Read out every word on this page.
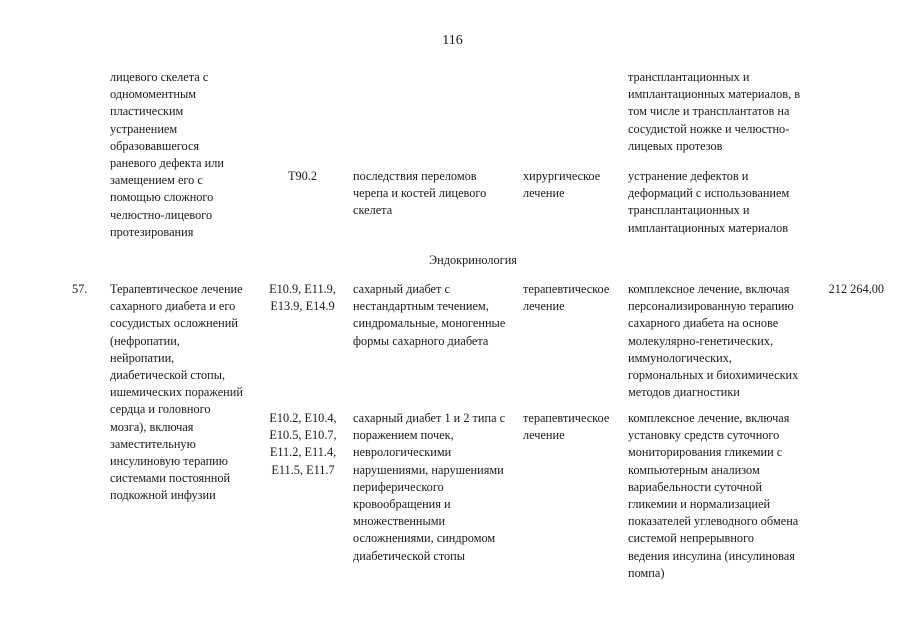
116
лицевого скелета с
одномоментным
пластическим
устранением
образовавшегося
раневого дефекта или
замещением его с
помощью сложного
челюстно-лицевого
протезирования
трансплантационных и
имплантационных материалов, в
том числе и трансплантатов на
сосудистой ножке и челюстно-
лицевых протезов
Т90.2	последствия переломов
черепа и костей лицевого
скелета
хирургическое
лечение
устранение дефектов и
деформаций с использованием
трансплантационных и
имплантационных материалов
Эндокринология
57.	Терапевтическое лечение
сахарного диабета и его
сосудистых осложнений
(нефропатии,
нейропатии,
диабетической стопы,
ишемических поражений
сердца и головного
мозга), включая
заместительную
инсулиновую терапию
системами постоянной
подкожной инфузии
Е10.9, Е11.9,
Е13.9, Е14.9
сахарный диабет с
нестандартным течением,
синдромальные, моногенные
формы сахарного диабета
терапевтическое
лечение
комплексное лечение, включая
персонализированную терапию
сахарного диабета на основе
молекулярно-генетических,
иммунологических,
гормональных и биохимических
методов диагностики
212 264,00
Е10.2, Е10.4,
Е10.5, Е10.7,
Е11.2, Е11.4,
Е11.5, Е11.7
сахарный диабет 1 и 2 типа с
поражением почек,
неврологическими
нарушениями, нарушениями
периферического
кровообращения и
множественными
осложнениями, синдромом
диабетической стопы
терапевтическое
лечение
комплексное лечение, включая
установку средств суточного
мониторирования гликемии с
компьютерным анализом
вариабельности суточной
гликемии и нормализацией
показателей углеводного обмена
системой непрерывного
ведения инсулина (инсулиновая
помпа)
